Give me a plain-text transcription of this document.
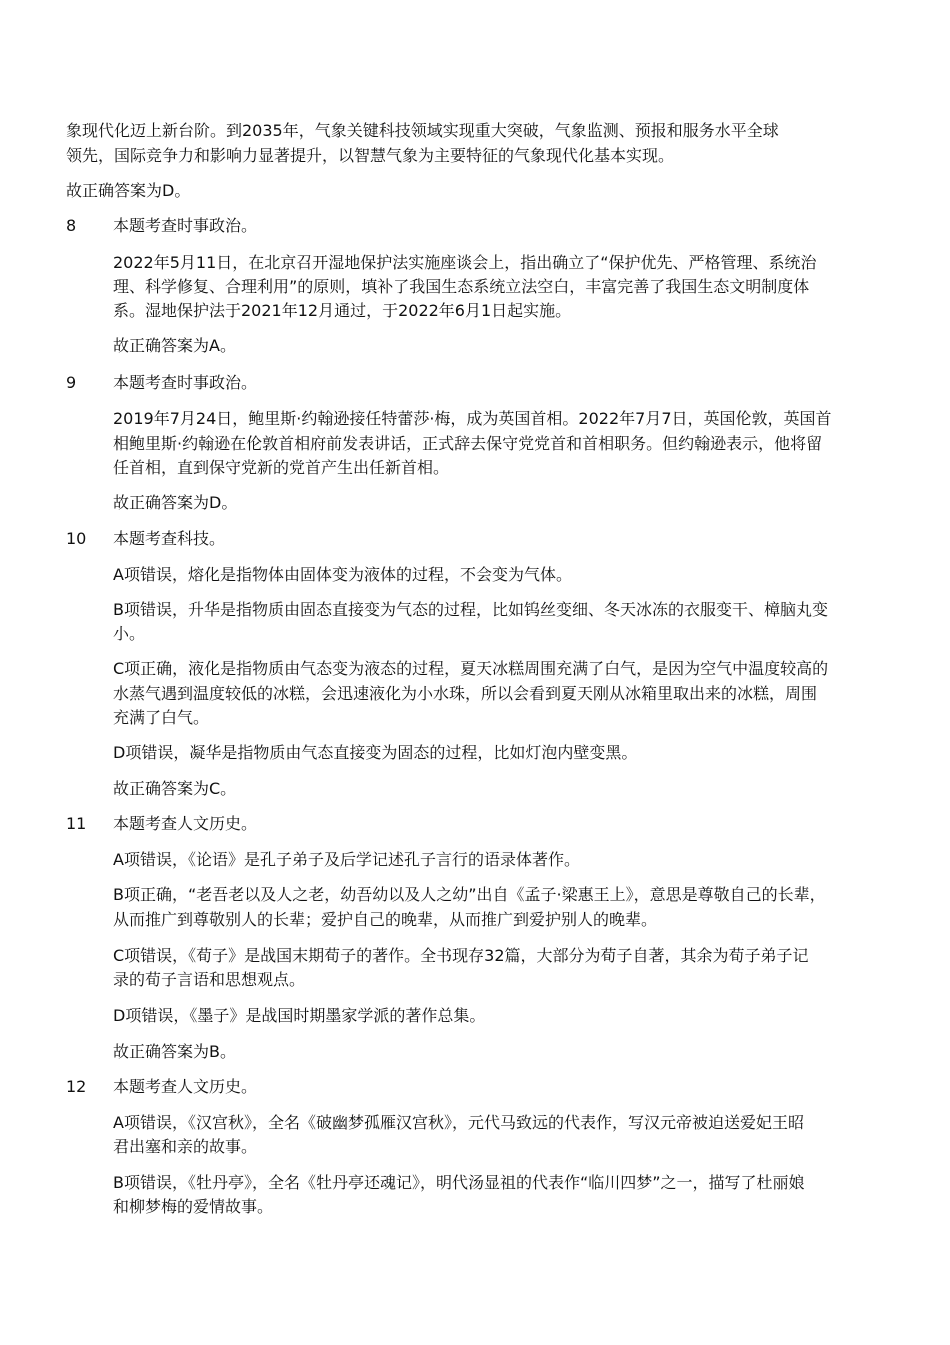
象现代化迈上新台阶。到2035年，气象关键科技领域实现重大突破，气象监测、预报和服务水平全球
领先，国际竞争力和影响力显著提升，以智慧气象为主要特征的气象现代化基本实现。
故正确答案为D。
8 本题考查时事政治。
2022年5月11日，在北京召开湿地保护法实施座谈会上，指出确立了“保护优先、严格管理、系统治
理、科学修复、合理利用”的原则，填补了我国生态系统立法空白，丰富完善了我国生态文明制度体
系。湿地保护法于2021年12月通过，于2022年6月1日起实施。
故正确答案为A。
9 本题考查时事政治。
2019年7月24日，鲍里斯·约翰逊接任特蕾莎·梅，成为英国首相。2022年7月7日，英国伦敦，英国首
相鲍里斯·约翰逊在伦敦首相府前发表讲话，正式辞去保守党党首和首相职务。但约翰逊表示，他将留
任首相，直到保守党新的党首产生出任新首相。
故正确答案为D。
10 本题考查科技。
A项错误，熔化是指物体由固体变为液体的过程，不会变为气体。
B项错误，升华是指物质由固态直接变为气态的过程，比如钨丝变细、冬天冰冻的衣服变干、樟脑丸变
小。
C项正确，液化是指物质由气态变为液态的过程，夏天冰糕周围充满了白气，是因为空气中温度较高的
水蒸气遇到温度较低的冰糕，会迅速液化为小水珠，所以会看到夏天刚从冰箱里取出来的冰糕，周围
充满了白气。
D项错误，凝华是指物质由气态直接变为固态的过程，比如灯泡内壁变黑。
故正确答案为C。
11 本题考查人文历史。
A项错误，《论语》是孔子弟子及后学记述孔子言行的语录体著作。
B项正确，“老吾老以及人之老，幼吾幼以及人之幼”出自《孟子·梁惠王上》，意思是尊敬自己的长辈，
从而推广到尊敬别人的长辈；爱护自己的晚辈，从而推广到爱护别人的晚辈。
C项错误，《荀子》是战国末期荀子的著作。全书现存32篇，大部分为荀子自著，其余为荀子弟子记
录的荀子言语和思想观点。
D项错误，《墨子》是战国时期墨家学派的著作总集。
故正确答案为B。
12 本题考查人文历史。
A项错误，《汉宫秋》，全名《破幽梦孤雁汉宫秋》，元代马致远的代表作，写汉元帝被迫送爱妃王昭
君出塞和亲的故事。
B项错误，《牡丹亭》，全名《牡丹亭还魂记》，明代汤显祖的代表作“临川四梦”之一，描写了杜丽娘
和柳梦梅的爱情故事。
